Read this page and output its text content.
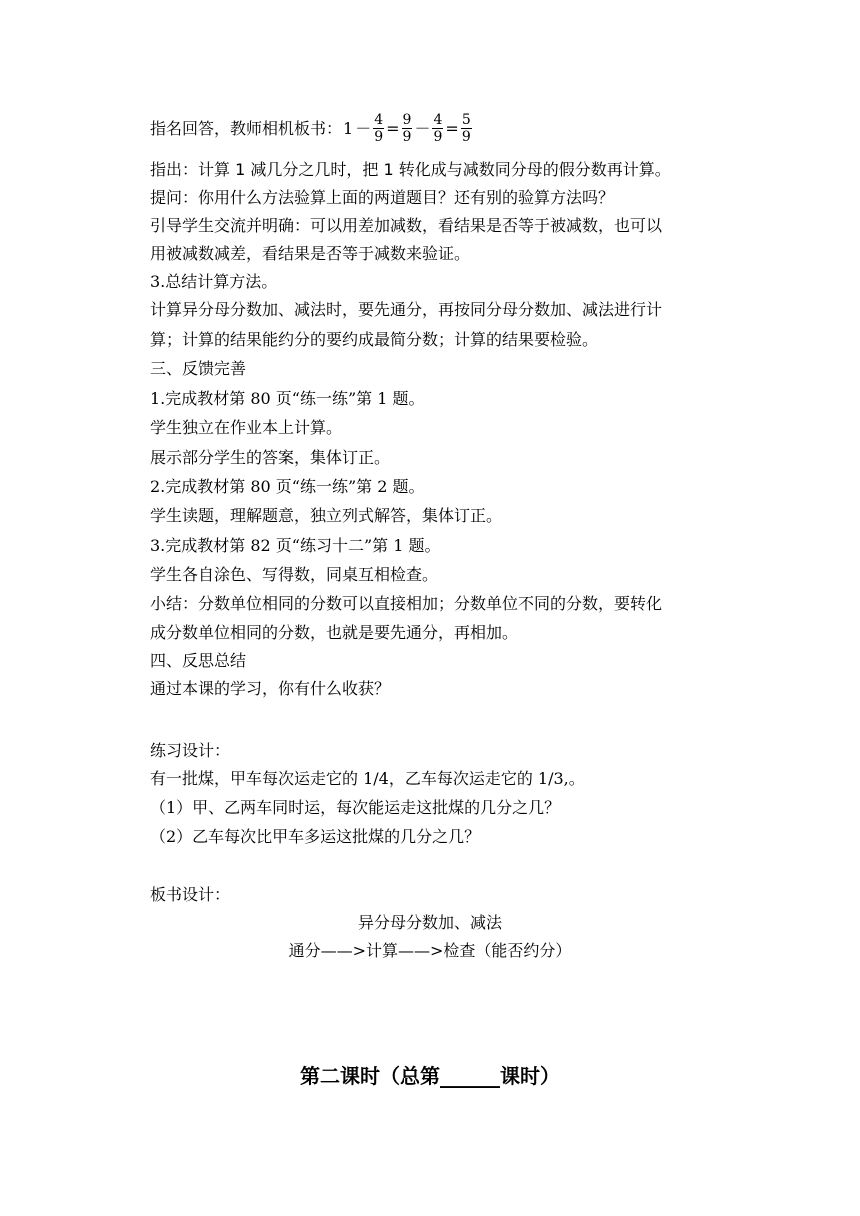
指名回答，教师相机板书：$1 - \frac{4}{9} = \frac{9}{9} - \frac{4}{9} = \frac{5}{9}$
指出：计算 1 减几分之几时，把 1 转化成与减数同分母的假分数再计算。
提问：你用什么方法验算上面的两道题目？还有别的验算方法吗？
引导学生交流并明确：可以用差加减数，看结果是否等于被减数，也可以
用被减数减差，看结果是否等于减数来验证。
3.总结计算方法。
计算异分母分数加、减法时，要先通分，再按同分母分数加、减法进行计
算；计算的结果能约分的要约成最简分数；计算的结果要检验。
三、反馈完善
1.完成教材第 80 页“练一练”第 1 题。
学生独立在作业本上计算。
展示部分学生的答案，集体订正。
2.完成教材第 80 页“练一练”第 2 题。
学生读题，理解题意，独立列式解答，集体订正。
3.完成教材第 82 页“练习十二”第 1 题。
学生各自涂色、写得数，同桌互相检查。
小结：分数单位相同的分数可以直接相加；分数单位不同的分数，要转化
成分数单位相同的分数，也就是要先通分，再相加。
四、反思总结
通过本课的学习，你有什么收获？
练习设计：
有一批煤，甲车每次运走它的 1/4，乙车每次运走它的 1/3,。
（1）甲、乙两车同时运，每次能运走这批煤的几分之几？
（2）乙车每次比甲车多运这批煤的几分之几？
板书设计：
异分母分数加、减法
通分——>计算——>检查（能否约分）
第二课时（总第______课时）
